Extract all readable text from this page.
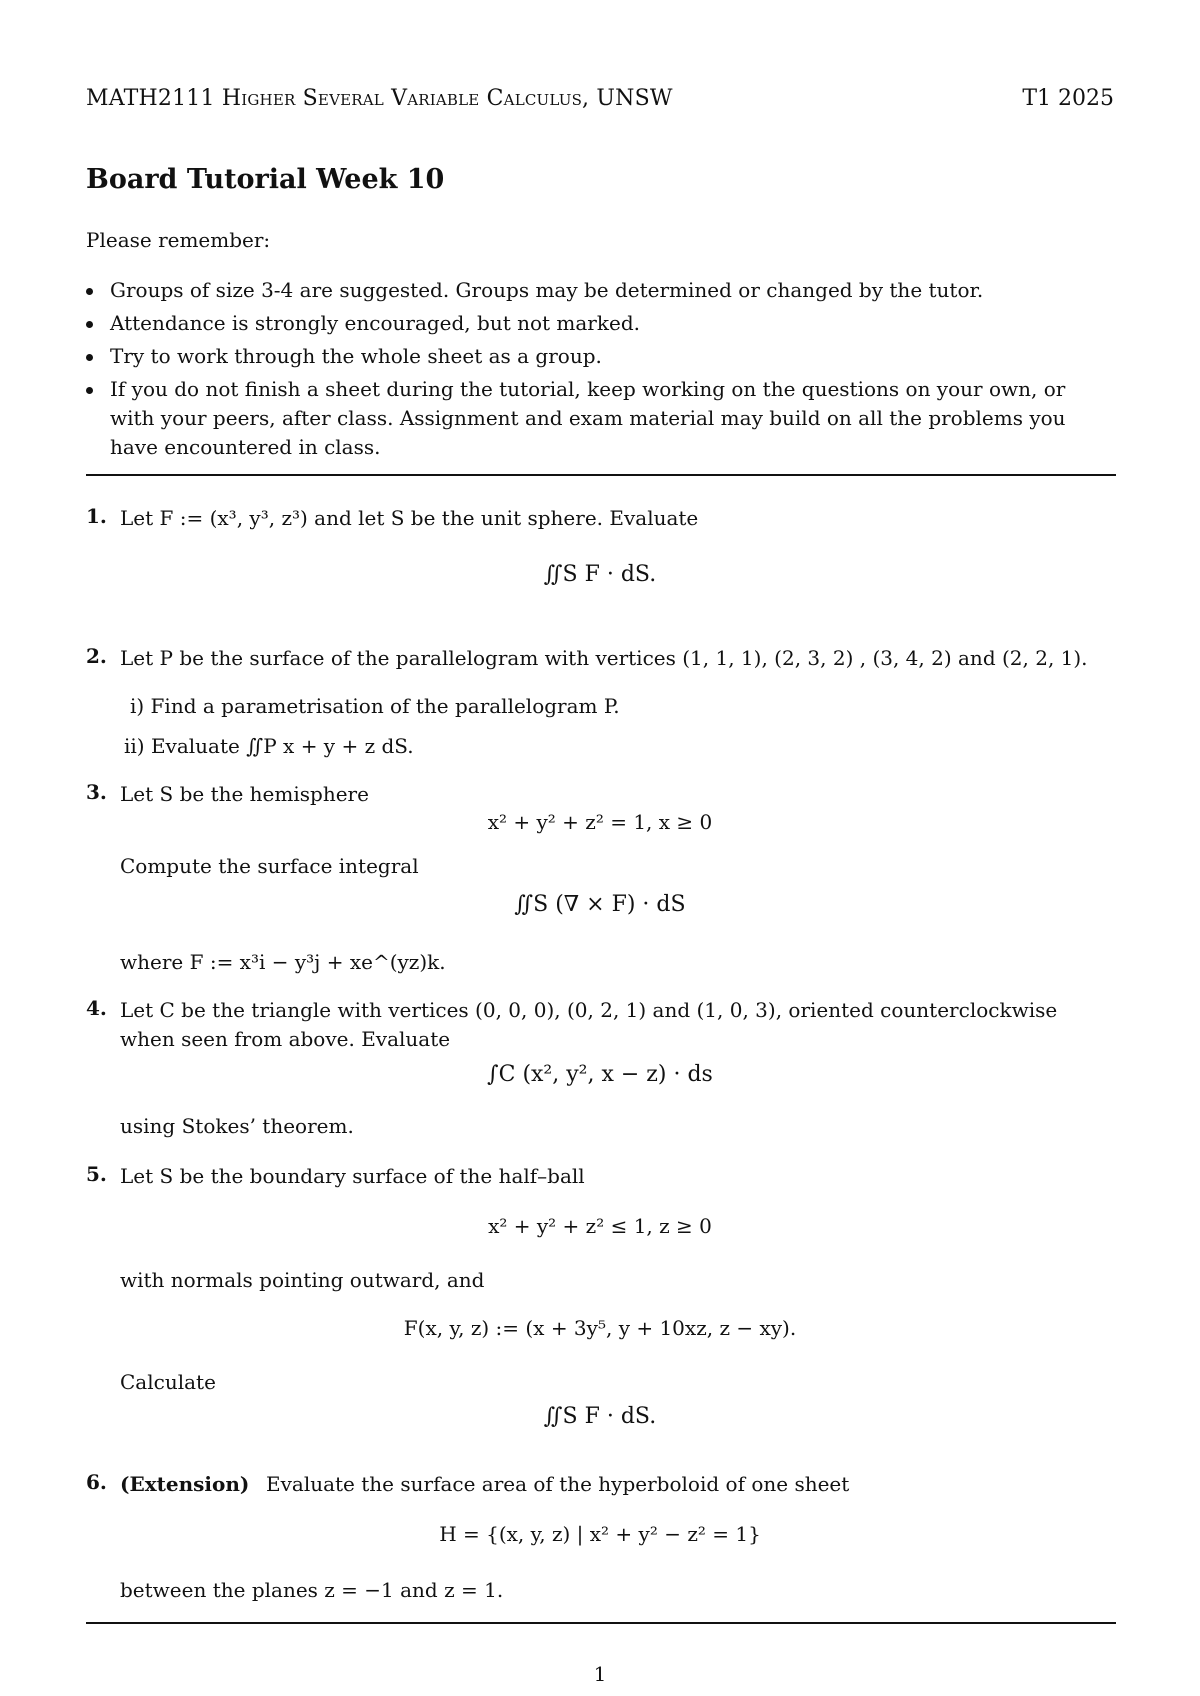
MATH2111 Higher Several Variable Calculus, UNSW	T1 2025
Board Tutorial Week 10
Please remember:
Groups of size 3-4 are suggested. Groups may be determined or changed by the tutor.
Attendance is strongly encouraged, but not marked.
Try to work through the whole sheet as a group.
If you do not finish a sheet during the tutorial, keep working on the questions on your own, or with your peers, after class. Assignment and exam material may build on all the problems you have encountered in class.
1. Let F := (x³, y³, z³) and let S be the unit sphere. Evaluate
∬S F · dS.
2. Let P be the surface of the parallelogram with vertices (1, 1, 1), (2, 3, 2) , (3, 4, 2) and (2, 2, 1).
i) Find a parametrisation of the parallelogram P.
ii) Evaluate ∬P x + y + z dS.
3. Let S be the hemisphere
x² + y² + z² = 1, x ≥ 0
Compute the surface integral
∬S (∇ × F) · dS
where F := x³i − y³j + xe^(yz)k.
4. Let C be the triangle with vertices (0, 0, 0), (0, 2, 1) and (1, 0, 3), oriented counterclockwise when seen from above. Evaluate
∫C (x², y², x − z) · ds
using Stokes’ theorem.
5. Let S be the boundary surface of the half–ball
x² + y² + z² ≤ 1, z ≥ 0
with normals pointing outward, and
F(x, y, z) := (x + 3y⁵, y + 10xz, z − xy).
Calculate
∬S F · dS.
6. (Extension) Evaluate the surface area of the hyperboloid of one sheet
H = {(x, y, z) | x² + y² − z² = 1}
between the planes z = −1 and z = 1.
1
